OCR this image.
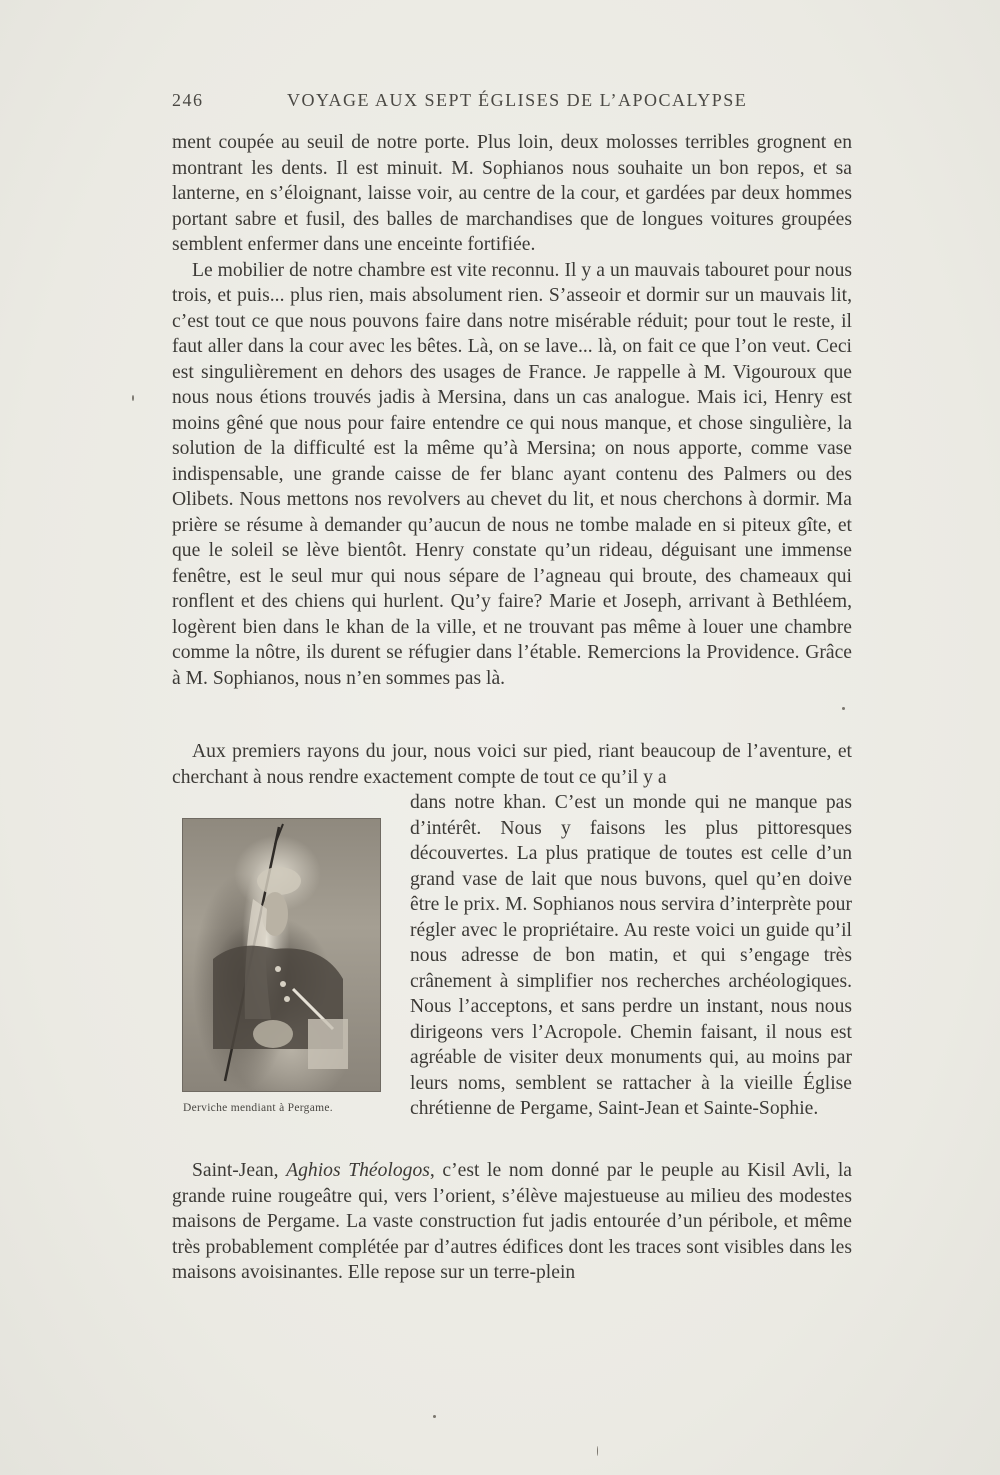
246	VOYAGE AUX SEPT ÉGLISES DE L’APOCALYPSE

ment coupée au seuil de notre porte. Plus loin, deux molosses terribles grognent en montrant les dents. Il est minuit. M. Sophianos nous souhaite un bon repos, et sa lanterne, en s’éloignant, laisse voir, au centre de la cour, et gardées par deux hommes portant sabre et fusil, des balles de marchandises que de longues voitures groupées semblent enfermer dans une enceinte fortifiée.

Le mobilier de notre chambre est vite reconnu. Il y a un mauvais tabouret pour nous trois, et puis... plus rien, mais absolument rien. S’asseoir et dormir sur un mauvais lit, c’est tout ce que nous pouvons faire dans notre misérable réduit; pour tout le reste, il faut aller dans la cour avec les bêtes. Là, on se lave... là, on fait ce que l’on veut. Ceci est singulièrement en dehors des usages de France. Je rappelle à M. Vigouroux que nous nous étions trouvés jadis à Mersina, dans un cas analogue. Mais ici, Henry est moins gêné que nous pour faire entendre ce qui nous manque, et chose singulière, la solution de la difficulté est la même qu’à Mersina; on nous apporte, comme vase indispensable, une grande caisse de fer blanc ayant contenu des Palmers ou des Olibets. Nous mettons nos revolvers au chevet du lit, et nous cherchons à dormir. Ma prière se résume à demander qu’aucun de nous ne tombe malade en si piteux gîte, et que le soleil se lève bientôt. Henry constate qu’un rideau, déguisant une immense fenêtre, est le seul mur qui nous sépare de l’agneau qui broute, des chameaux qui ronflent et des chiens qui hurlent. Qu’y faire? Marie et Joseph, arrivant à Bethléem, logèrent bien dans le khan de la ville, et ne trouvant pas même à louer une chambre comme la nôtre, ils durent se réfugier dans l’étable. Remercions la Providence. Grâce à M. Sophianos, nous n’en sommes pas là.

Aux premiers rayons du jour, nous voici sur pied, riant beaucoup de l’aventure, et cherchant à nous rendre exactement compte de tout ce qu’il y a

Derviche mendiant à Pergame.

dans notre khan. C’est un monde qui ne manque pas d’intérêt. Nous y faisons les plus pittoresques découvertes. La plus pratique de toutes est celle d’un grand vase de lait que nous buvons, quel qu’en doive être le prix. M. Sophianos nous servira d’interprète pour régler avec le propriétaire. Au reste voici un guide qu’il nous adresse de bon matin, et qui s’engage très crânement à simplifier nos recherches archéologiques. Nous l’acceptons, et sans perdre un instant, nous nous dirigeons vers l’Acropole. Chemin faisant, il nous est agréable de visiter deux monuments qui, au moins par leurs noms, semblent se rattacher à la vieille Église chrétienne de Pergame, Saint-Jean et Sainte-Sophie.

Saint-Jean, Aghios Théologos, c’est le nom donné par le peuple au Kisil Avli, la grande ruine rougeâtre qui, vers l’orient, s’élève majestueuse au milieu des modestes maisons de Pergame. La vaste construction fut jadis entourée d’un péribole, et même très probablement complétée par d’autres édifices dont les traces sont visibles dans les maisons avoisinantes. Elle repose sur un terre-plein
